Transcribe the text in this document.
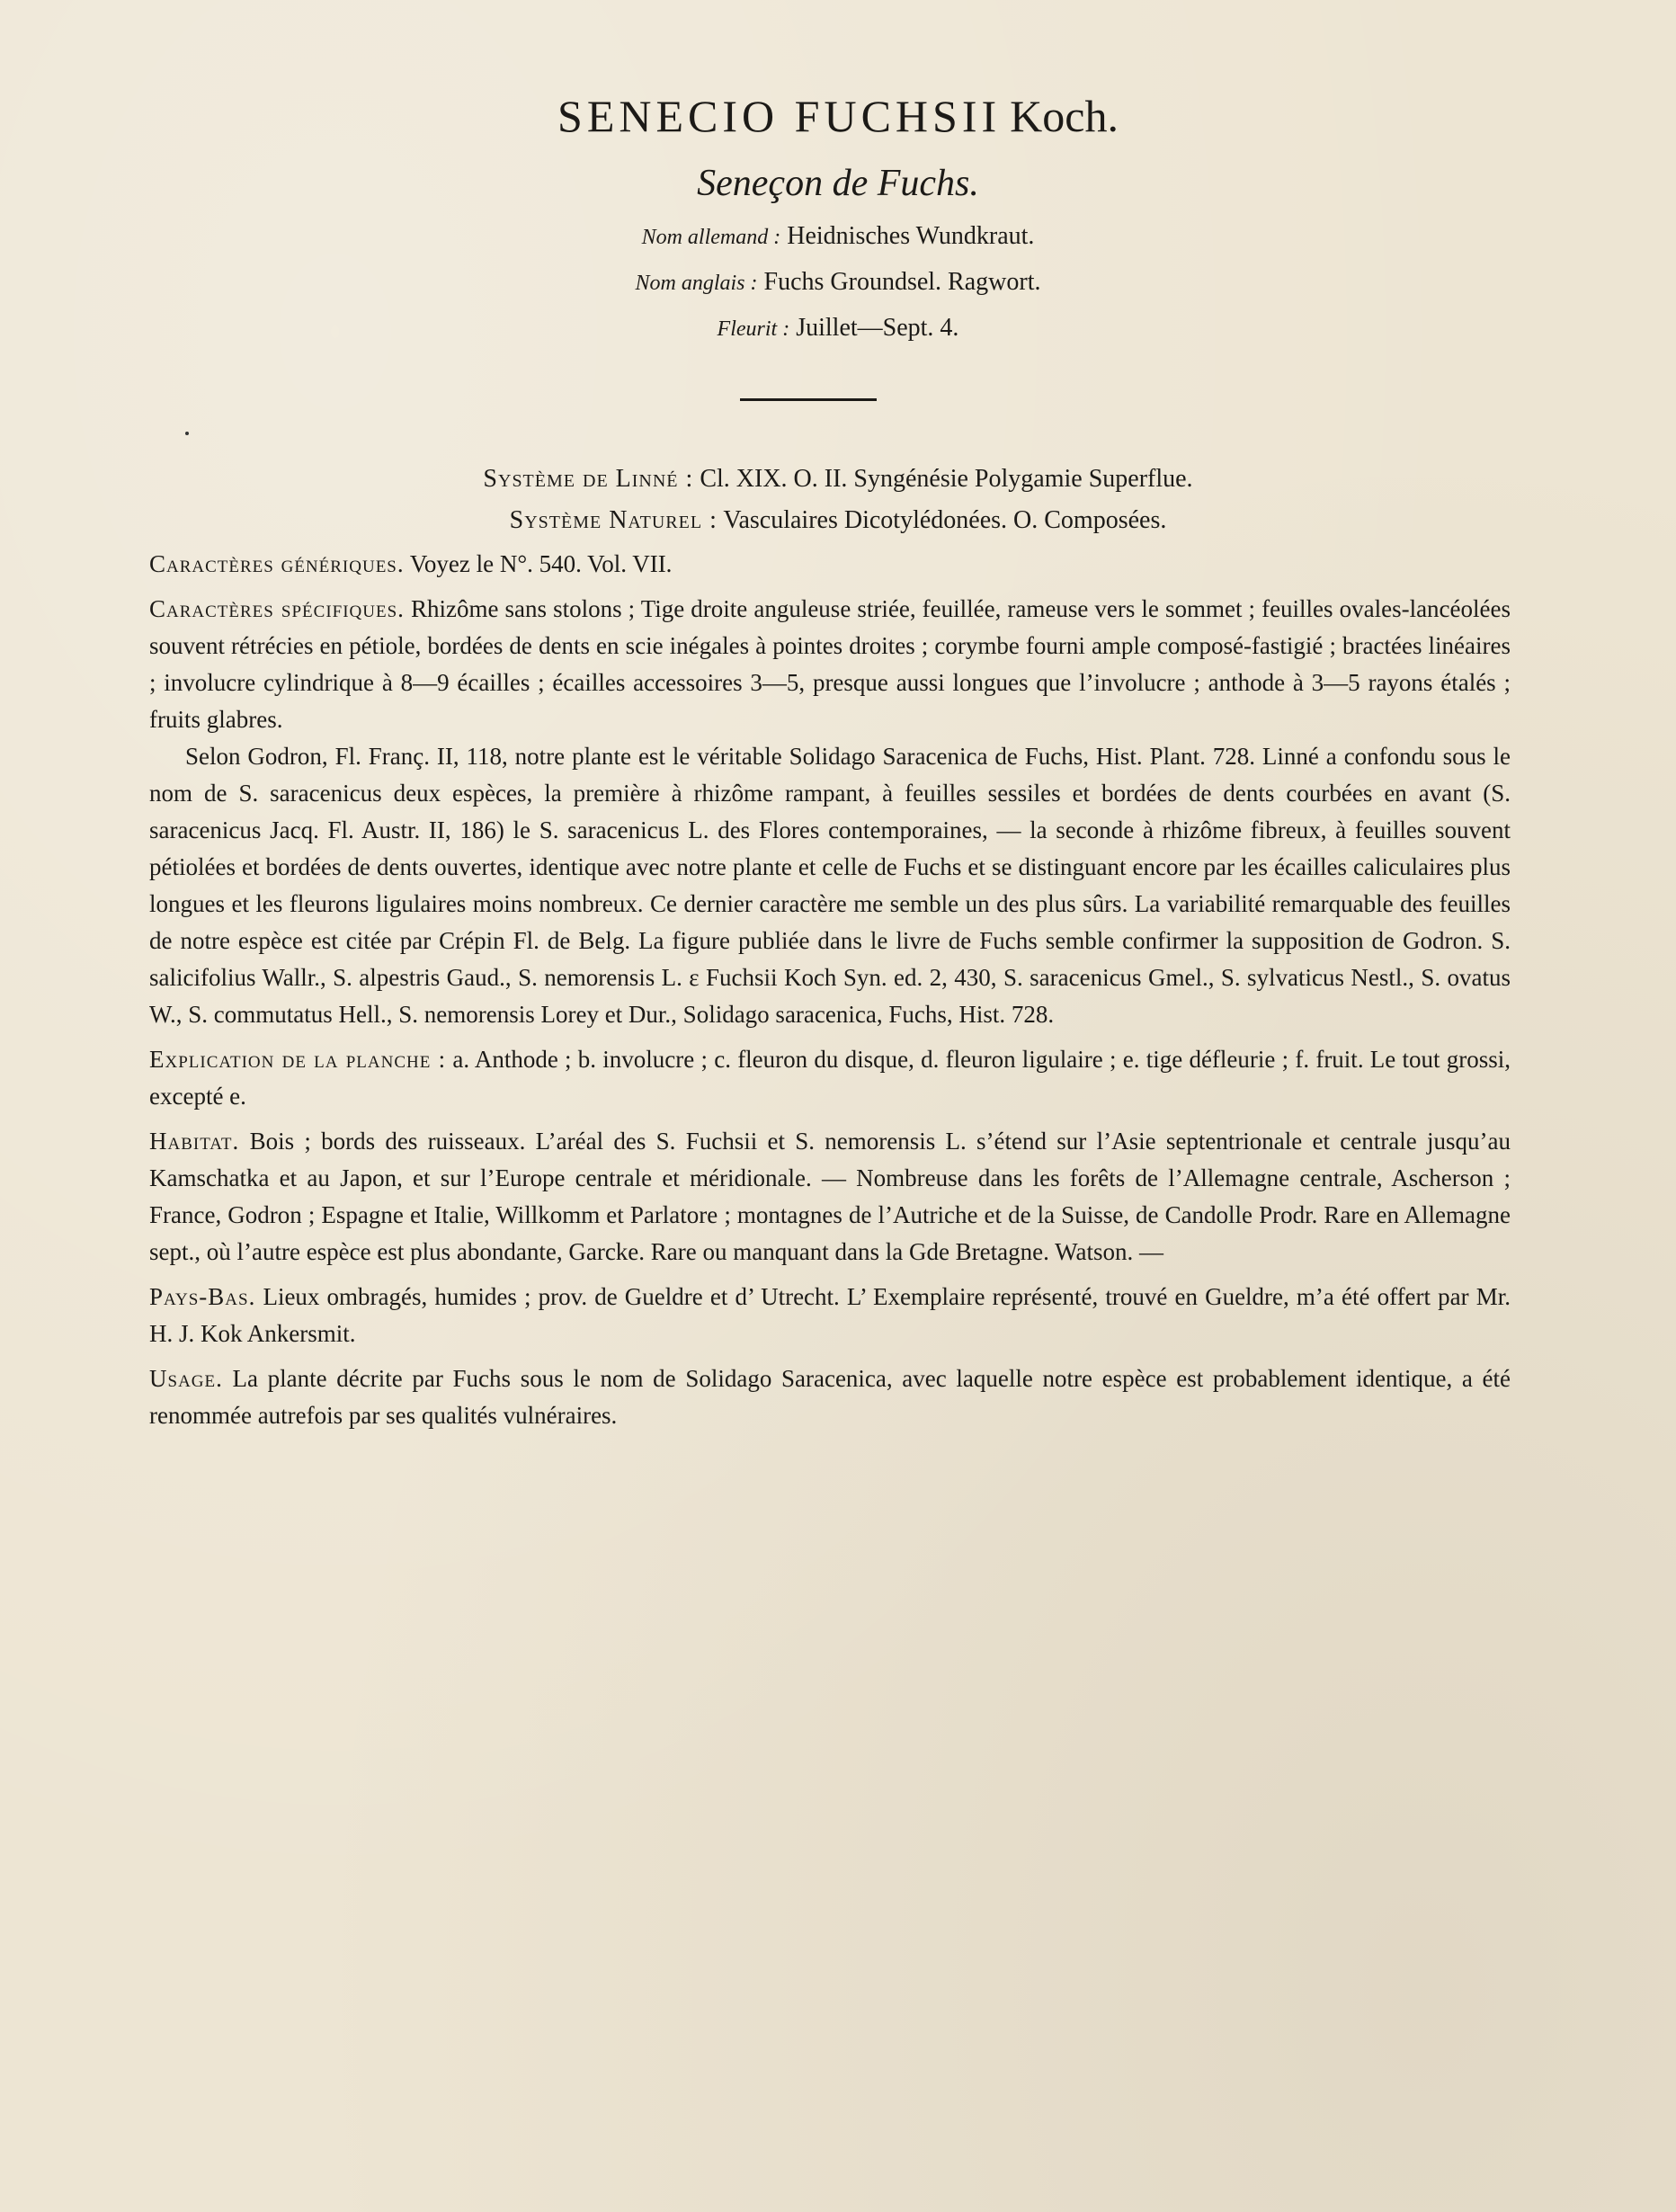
SENECIO FUCHSII Koch.
Seneçon de Fuchs.
Nom allemand : Heidnisches Wundkraut.
Nom anglais : Fuchs Groundsel. Ragwort.
Fleurit : Juillet—Sept. 4.
Système de Linné : Cl. XIX. O. II. Syngénésie Polygamie Superflue.
Système Naturel : Vasculaires Dicotylédonées. O. Composées.

Caractères génériques. Voyez le N°. 540. Vol. VII.

Caractères spécifiques. Rhizôme sans stolons ; Tige droite anguleuse striée, feuillée, rameuse vers le sommet ; feuilles ovales-lancéolées souvent rétrécies en pétiole, bordées de dents en scie inégales à pointes droites ; corymbe fourni ample composé-fastigié ; bractées linéaires ; involucre cylindrique à 8—9 écailles ; écailles accessoires 3—5, presque aussi longues que l’involucre ; anthode à 3—5 rayons étalés ; fruits glabres.

Selon Godron, Fl. Franç. II, 118, notre plante est le véritable Solidago Saracenica de Fuchs, Hist. Plant. 728. Linné a confondu sous le nom de S. saracenicus deux espèces, la première à rhizôme rampant, à feuilles sessiles et bordées de dents courbées en avant (S. saracenicus Jacq. Fl. Austr. II, 186) le S. saracenicus L. des Flores contemporaines, — la seconde à rhizôme fibreux, à feuilles souvent pétiolées et bordées de dents ouvertes, identique avec notre plante et celle de Fuchs et se distinguant encore par les écailles caliculaires plus longues et les fleurons ligulaires moins nombreux. Ce dernier caractère me semble un des plus sûrs. La variabilité remarquable des feuilles de notre espèce est citée par Crépin Fl. de Belg. La figure publiée dans le livre de Fuchs semble confirmer la supposition de Godron. S. salicifolius Wallr., S. alpestris Gaud., S. nemorensis L. ε Fuchsii Koch Syn. ed. 2, 430, S. saracenicus Gmel., S. sylvaticus Nestl., S. ovatus W., S. commutatus Hell., S. nemorensis Lorey et Dur., Solidago saracenica, Fuchs, Hist. 728.

Explication de la planche : a. Anthode ; b. involucre ; c. fleuron du disque, d. fleuron ligulaire ; e. tige défleurie ; f. fruit. Le tout grossi, excepté e.

Habitat. Bois ; bords des ruisseaux. L’aréal des S. Fuchsii et S. nemorensis L. s’étend sur l’Asie septentrionale et centrale jusqu’au Kamschatka et au Japon, et sur l’Europe centrale et méridionale. — Nombreuse dans les forêts de l’Allemagne centrale, Ascherson ; France, Godron ; Espagne et Italie, Willkomm et Parlatore ; montagnes de l’Autriche et de la Suisse, de Candolle Prodr. Rare en Allemagne sept., où l’autre espèce est plus abondante, Garcke. Rare ou manquant dans la Gde Bretagne. Watson. —

Pays-Bas. Lieux ombragés, humides ; prov. de Gueldre et d’ Utrecht. L’ Exemplaire représenté, trouvé en Gueldre, m’a été offert par Mr. H. J. Kok Ankersmit.

Usage. La plante décrite par Fuchs sous le nom de Solidago Saracenica, avec laquelle notre espèce est probablement identique, a été renommée autrefois par ses qualités vulnéraires.
